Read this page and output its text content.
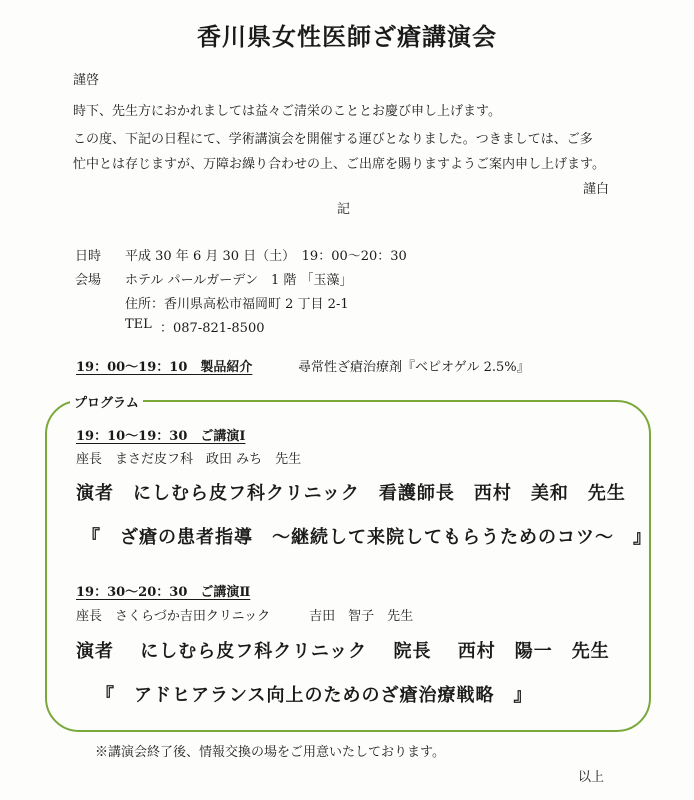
香川県女性医師ざ瘡講演会
謹啓
時下、先生方におかれましては益々ご清栄のこととお慶び申し上げます。
この度、下記の日程にて、学術講演会を開催する運びとなりました。つきましては、ご多
忙中とは存じますが、万障お繰り合わせの上、ご出席を賜りますようご案内申し上げます。
謹白
記
日時 平成 30 年 6 月 30 日（土）　19：00～20：30
会場 ホテル パールガーデン　1 階 「玉藻」
住所：香川県高松市福岡町 2 丁目 2-1
TEL ：087-821-8500
19：00～19：10　製品紹介	尋常性ざ瘡治療剤『ベピオゲル 2.5%』
プログラム
19：10～19：30　ご講演Ⅰ
座長　まさだ皮フ科　政田 みち　先生
演者　にしむら皮フ科クリニック　看護師長　西村　美和　先生
『　ざ瘡の患者指導　～継続して来院してもらうためのコツ～　』
19：30～20：30　ご講演Ⅱ
座長　さくらづか吉田クリニック　　　吉田　智子　先生
演者　 にしむら皮フ科クリニック　 院長　 西村　陽一　先生
『　アドヒアランス向上のためのざ瘡治療戦略　』
※講演会終了後、情報交換の場をご用意いたしております。
以上
